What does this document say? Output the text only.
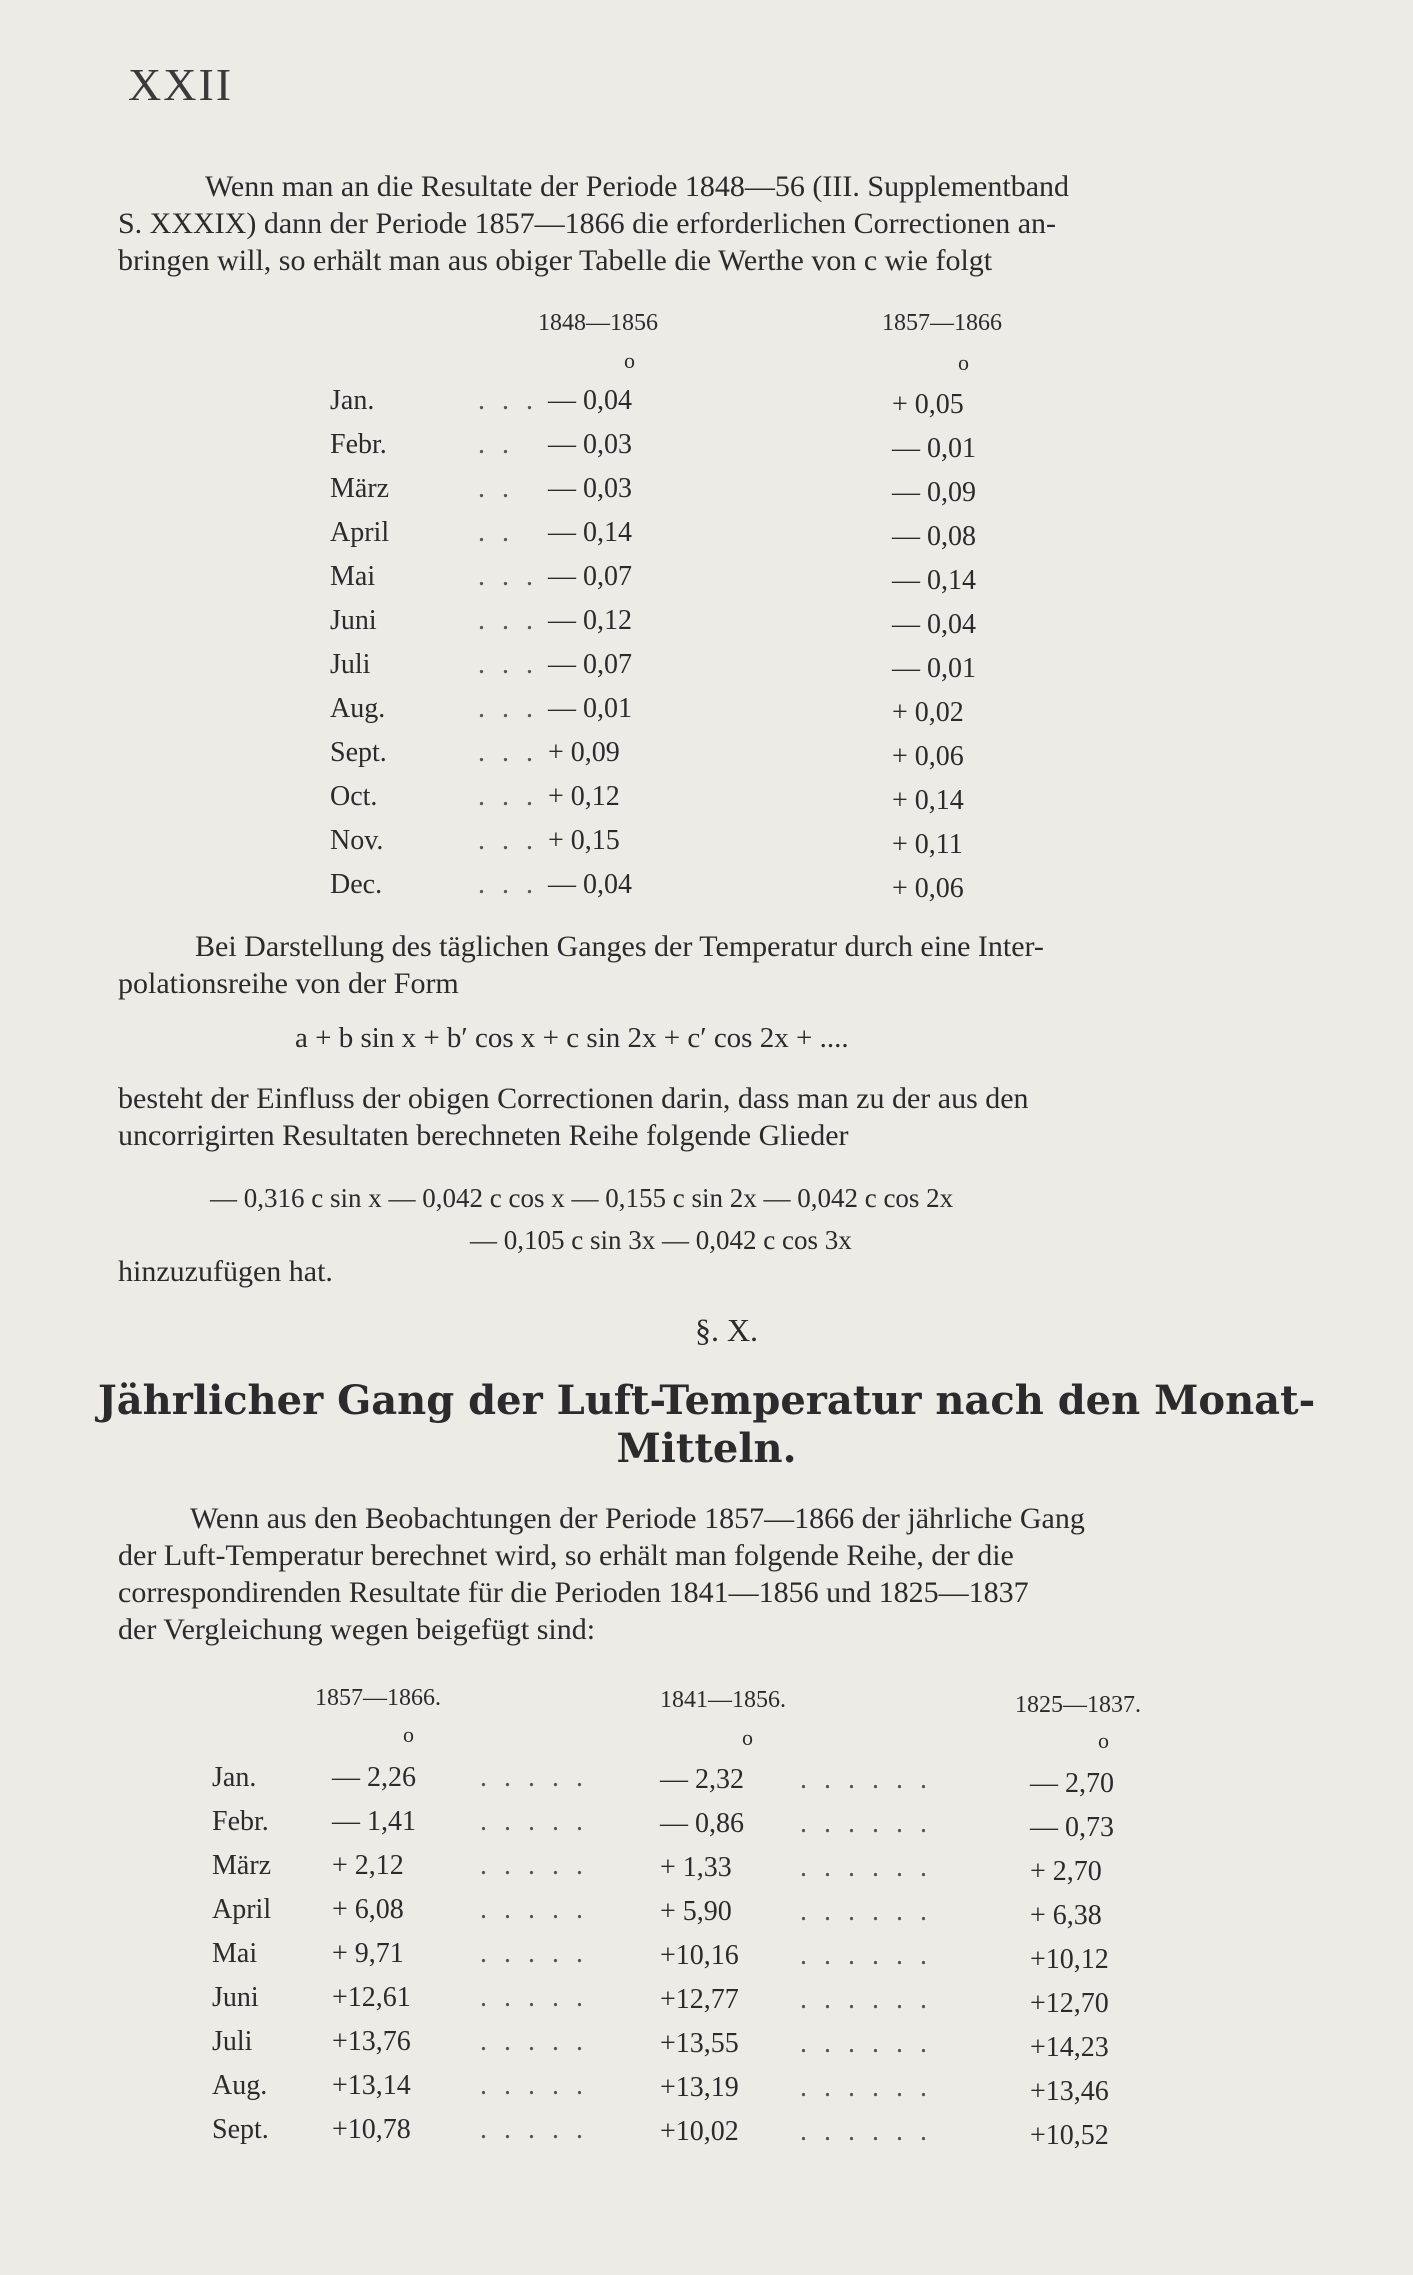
XXII
Wenn man an die Resultate der Periode 1848—56 (III. Supplementband
S. XXXIX) dann der Periode 1857—1866 die erforderlichen Correctionen an-
bringen will, so erhält man aus obiger Tabelle die Werthe von c wie folgt
1848—1856	1857—1866
o	o
Bei Darstellung des täglichen Ganges der Temperatur durch eine Inter-
polationsreihe von der Form
a + b sin x + b′ cos x + c sin 2x + c′ cos 2x + ....
besteht der Einfluss der obigen Correctionen darin, dass man zu der aus den
uncorrigirten Resultaten berechneten Reihe folgende Glieder
— 0,316 c sin x — 0,042 c cos x — 0,155 c sin 2x — 0,042 c cos 2x
— 0,105 c sin 3x — 0,042 c cos 3x
hinzuzufügen hat.
§. X.
Jährlicher Gang der Luft-Temperatur nach den Monat-
Mitteln.
Wenn aus den Beobachtungen der Periode 1857—1866 der jährliche Gang
der Luft-Temperatur berechnet wird, so erhält man folgende Reihe, der die
correspondirenden Resultate für die Perioden 1841—1856 und 1825—1837
der Vergleichung wegen beigefügt sind:
1857—1866.	1841—1856.	1825—1837.
o	o	o
Jan.	. . . — 0,04	+ 0,05
Febr.	. . — 0,03	— 0,01
März	. . — 0,03	— 0,09
April	. . — 0,14	— 0,08
Mai	. . . — 0,07	— 0,14
Juni	. . . — 0,12	— 0,04
Juli	. . . — 0,07	— 0,01
Aug.	. . . — 0,01	+ 0,02
Sept.	. . . + 0,09	+ 0,06
Oct.	. . . + 0,12	+ 0,14
Nov.	. . . + 0,15	+ 0,11
Dec.	. . . — 0,04	+ 0,06
Jan.	— 2,26 . . . . .	— 2,32 . . . . . .	— 2,70
Febr. — 1,41 . . . . .	— 0,86 . . . . . .	— 0,73
März + 2,12	. . . . .	+ 1,33 . . . . . .	+ 2,70
April + 6,08	. . . . .	+ 5,90 . . . . . .	+ 6,38
Mai	+ 9,71	. . . . .	+10,16 . . . . . .	+10,12
Juni	+12,61 . . . . .	+12,77 . . . . . .	+12,70
Juli	+13,76 . . . . .	+13,55 . . . . . .	+14,23
Aug. +13,14 . . . . .	+13,19 . . . . . .	+13,46
Sept. +10,78 . . . . .	+10,02 . . . . . .	+10,52
